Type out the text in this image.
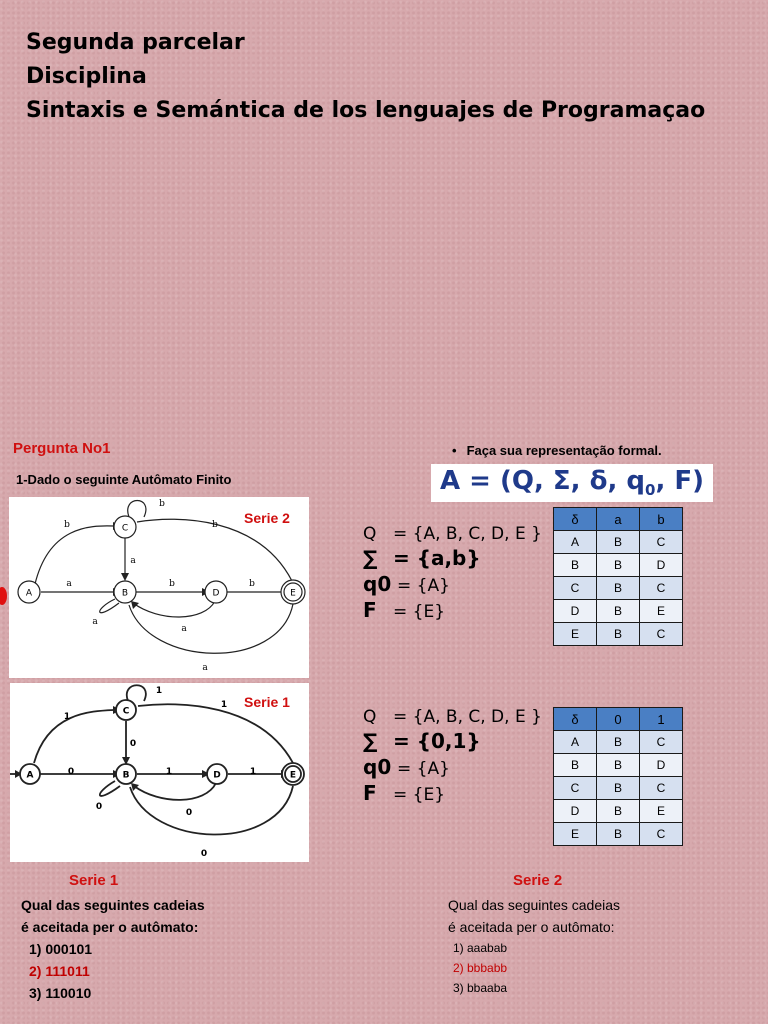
Segunda parcelar
Disciplina
Sintaxis e Semántica de los lenguajes de Programaçao
Pergunta No1
1-Dado o seguinte Autômato Finito
• Faça sua representação formal.
A = (Q, Σ, δ, $q_0$, F)
b
b
a
b
a
a
b	b
a
a
A
C
B	D	E
Serie 2
1
1
0
1
0
0
1	1
0
0
A
C
B	D	E
Serie 1
Q = {A, B, C, D, E }
∑ = {a,b}
q0 = {A}
F = {E}
Q = {A, B, C, D, E }
∑ = {0,1}
q0 = {A}
F = {E}
δ	a	b
A	B	C
B	B	D
C	B	C
D	B	E
E	B	C
δ	0	1
A	B	C
B	B	D
C	B	C
D	B	E
E	B	C
Serie 1
Qual das seguintes cadeias
é aceitada per o autômato:
1) 000101
2) 111011
3) 110010
Serie 2
Qual das seguintes cadeias
é aceitada per o autômato:
1) aaabab
2) bbbabb
3) bbaaba
